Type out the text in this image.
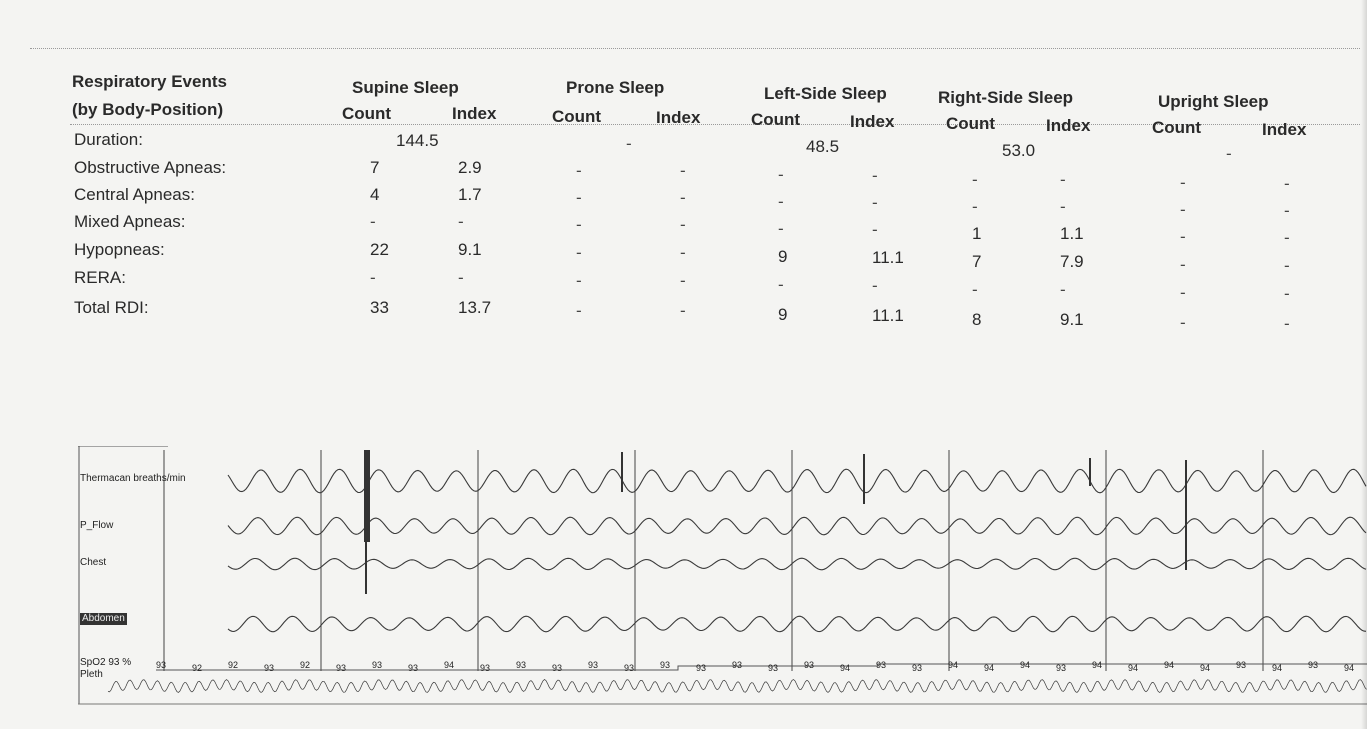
Respiratory Events
(by Body-Position)
Supine Sleep	Prone Sleep	Left-Side Sleep	Right-Side Sleep	Upright Sleep
Count	Index	Count	Index	Count	Index	Count	Index	Count	Index
Duration:	144.5	-	48.5	53.0	-
Obstructive Apneas:	7	2.9	-	-	-	-	-	-	-	-
Central Apneas:	4	1.7	-	-	-	-	-	-	-	-
Mixed Apneas:	-	-	-	-	-	-	1	1.1	-	-
Hypopneas:	22	9.1	-	-	9	11.1	7	7.9	-	-
RERA:	-	-	-	-	-	-	-	-	-	-
Total RDI:	33	13.7	-	-	9	11.1	8	9.1	-	-
Thermacan breaths/min
P_Flow
Chest
Abdomen
SpO2 93 %
Pleth
93	92	92	93	92	93	93	93	94	93	93	93	93	93	93	93	93	93	93	94	93	93	94	94	94	93	94	94	94	94	93	94	93	94
